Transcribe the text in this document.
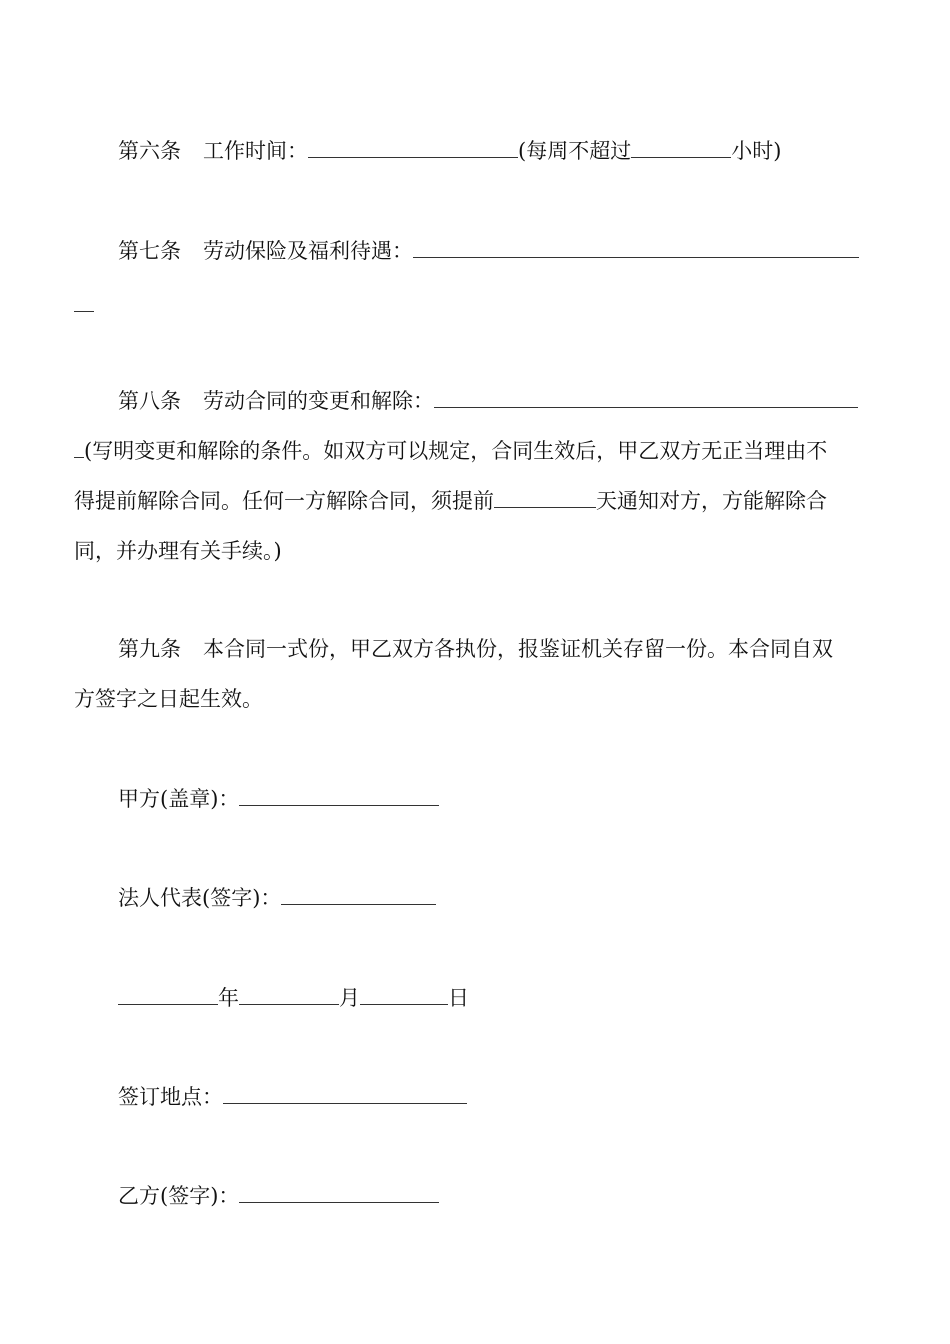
第六条 工作时间：	(每周不超过	小时)
第七条 劳动保险及福利待遇：
第八条 劳动合同的变更和解除：
(写明变更和解除的条件。如双方可以规定，合同生效后，甲乙双方无正当理由不
得提前解除合同。任何一方解除合同，须提前	天通知对方，方能解除合
同，并办理有关手续。)
第九条 本合同一式份，甲乙双方各执份，报鉴证机关存留一份。本合同自双
方签字之日起生效。
甲方(盖章)：
法人代表(签字)：
年	月	日
签订地点：
乙方(签字)：
